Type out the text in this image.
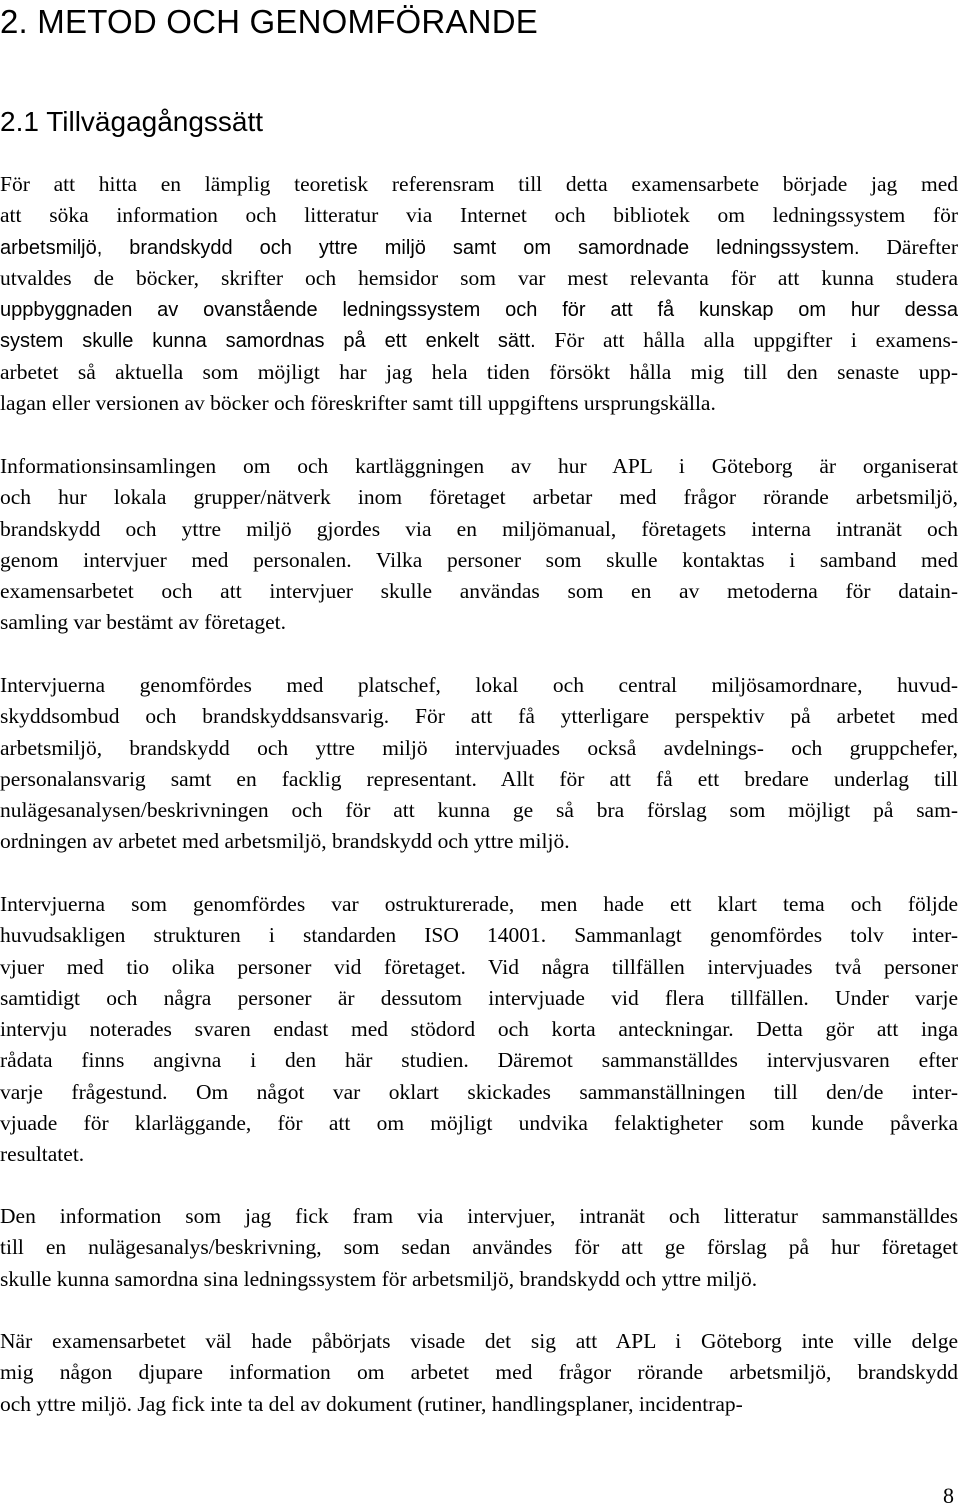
2. METOD OCH GENOMFÖRANDE
2.1 Tillvägagångssätt

För att hitta en lämplig teoretisk referensram till detta examensarbete började jag med
att söka information och litteratur via Internet och bibliotek om ledningssystem för
arbetsmiljö, brandskydd och yttre miljö samt om samordnade ledningssystem. Därefter
utvaldes de böcker, skrifter och hemsidor som var mest relevanta för att kunna studera
uppbyggnaden av ovanstående ledningssystem och för att få kunskap om hur dessa
system skulle kunna samordnas på ett enkelt sätt. För att hålla alla uppgifter i examens-
arbetet så aktuella som möjligt har jag hela tiden försökt hålla mig till den senaste upp-
lagan eller versionen av böcker och föreskrifter samt till uppgiftens ursprungskälla.

Informationsinsamlingen om och kartläggningen av hur APL i Göteborg är organiserat
och hur lokala grupper/nätverk inom företaget arbetar med frågor rörande arbetsmiljö,
brandskydd och yttre miljö gjordes via en miljömanual, företagets interna intranät och
genom intervjuer med personalen. Vilka personer som skulle kontaktas i samband med
examensarbetet och att intervjuer skulle användas som en av metoderna för datain-
samling var bestämt av företaget.

Intervjuerna genomfördes med platschef, lokal och central miljösamordnare, huvud-
skyddsombud och brandskyddsansvarig. För att få ytterligare perspektiv på arbetet med
arbetsmiljö, brandskydd och yttre miljö intervjuades också avdelnings- och gruppchefer,
personalansvarig samt en facklig representant. Allt för att få ett bredare underlag till
nulägesanalysen/beskrivningen och för att kunna ge så bra förslag som möjligt på sam-
ordningen av arbetet med arbetsmiljö, brandskydd och yttre miljö.

Intervjuerna som genomfördes var ostrukturerade, men hade ett klart tema och följde
huvudsakligen strukturen i standarden ISO 14001. Sammanlagt genomfördes tolv inter-
vjuer med tio olika personer vid företaget. Vid några tillfällen intervjuades två personer
samtidigt och några personer är dessutom intervjuade vid flera tillfällen. Under varje
intervju noterades svaren endast med stödord och korta anteckningar. Detta gör att inga
rådata finns angivna i den här studien. Däremot sammanställdes intervjusvaren efter
varje frågestund. Om något var oklart skickades sammanställningen till den/de inter-
vjuade för klarläggande, för att om möjligt undvika felaktigheter som kunde påverka
resultatet.

Den information som jag fick fram via intervjuer, intranät och litteratur sammanställdes
till en nulägesanalys/beskrivning, som sedan användes för att ge förslag på hur företaget
skulle kunna samordna sina ledningssystem för arbetsmiljö, brandskydd och yttre miljö.

När examensarbetet väl hade påbörjats visade det sig att APL i Göteborg inte ville delge
mig någon djupare information om arbetet med frågor rörande arbetsmiljö, brandskydd
och yttre miljö. Jag fick inte ta del av dokument (rutiner, handlingsplaner, incidentrap-

8
